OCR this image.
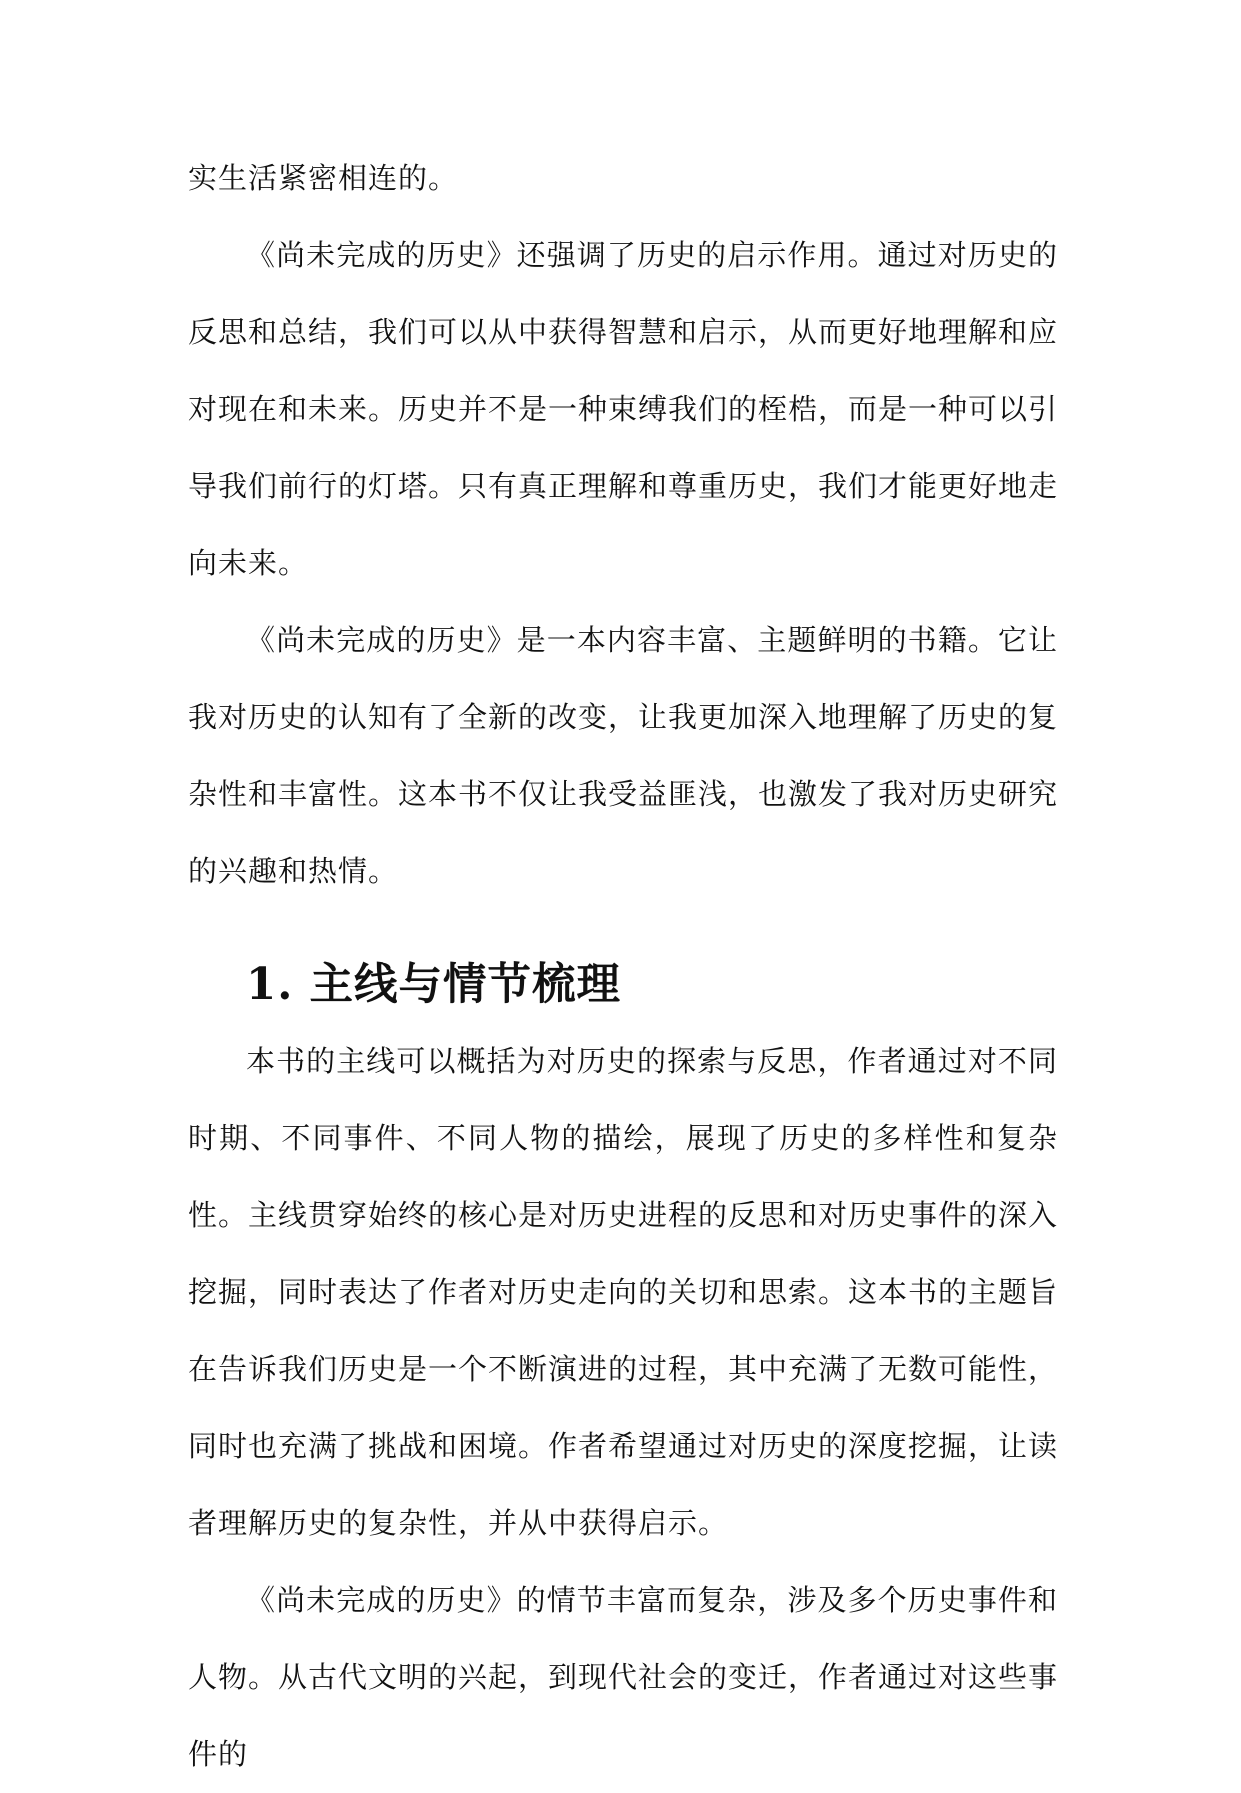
实生活紧密相连的。

《尚未完成的历史》还强调了历史的启示作用。通过对历史的反思和总结，我们可以从中获得智慧和启示，从而更好地理解和应对现在和未来。历史并不是一种束缚我们的桎梏，而是一种可以引导我们前行的灯塔。只有真正理解和尊重历史，我们才能更好地走向未来。

《尚未完成的历史》是一本内容丰富、主题鲜明的书籍。它让我对历史的认知有了全新的改变，让我更加深入地理解了历史的复杂性和丰富性。这本书不仅让我受益匪浅，也激发了我对历史研究的兴趣和热情。

1. 主线与情节梳理

本书的主线可以概括为对历史的探索与反思，作者通过对不同时期、不同事件、不同人物的描绘，展现了历史的多样性和复杂性。主线贯穿始终的核心是对历史进程的反思和对历史事件的深入挖掘，同时表达了作者对历史走向的关切和思索。这本书的主题旨在告诉我们历史是一个不断演进的过程，其中充满了无数可能性，同时也充满了挑战和困境。作者希望通过对历史的深度挖掘，让读者理解历史的复杂性，并从中获得启示。

《尚未完成的历史》的情节丰富而复杂，涉及多个历史事件和人物。从古代文明的兴起，到现代社会的变迁，作者通过对这些事件的
